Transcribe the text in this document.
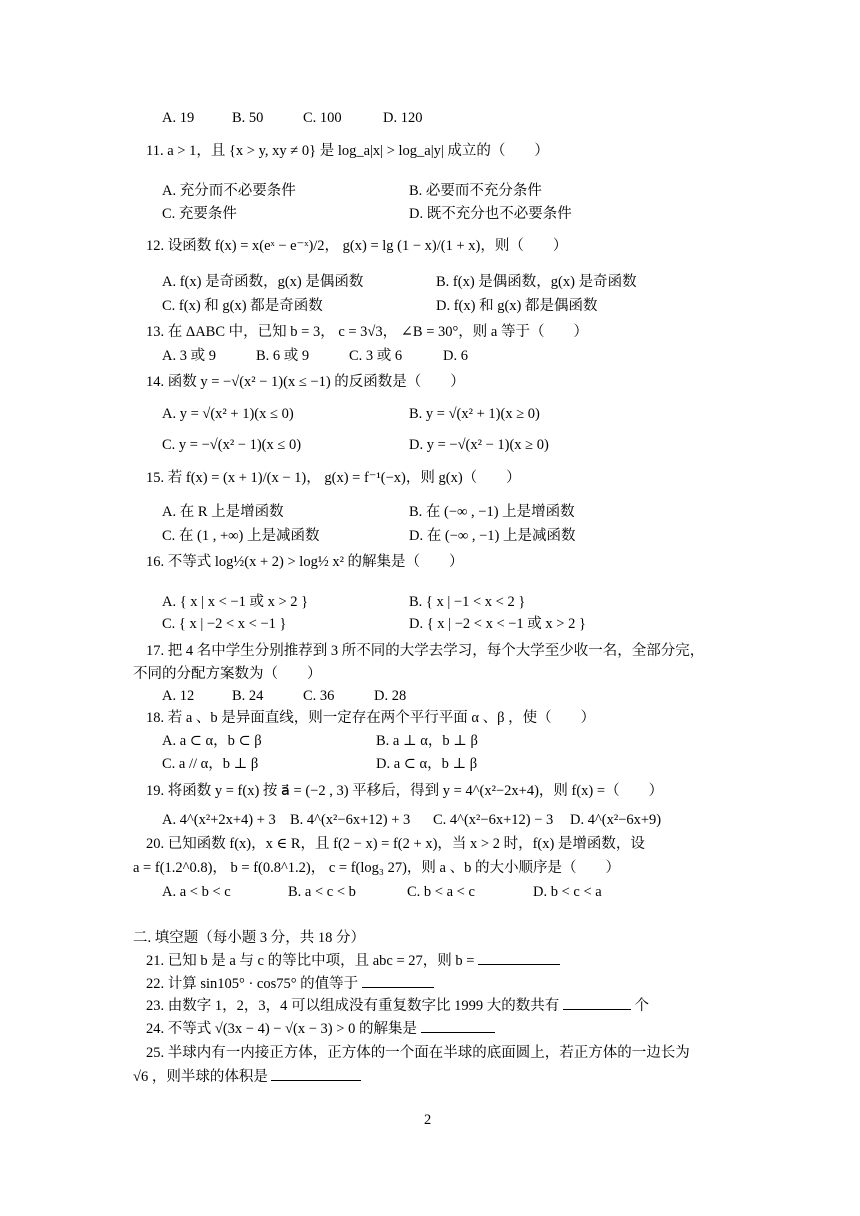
A. 19	B. 50	C. 100	D. 120
11. a > 1，且 {x > y, xy ≠ 0} 是 log_a|x| > log_a|y| 成立的（　　）
A. 充分而不必要条件	B. 必要而不充分条件
C. 充要条件	D. 既不充分也不必要条件
12. 设函数 f(x) = x(eˣ − e⁻ˣ)/2， g(x) = lg (1 − x)/(1 + x)，则（　　）
A. f(x) 是奇函数，g(x) 是偶函数	B. f(x) 是偶函数，g(x) 是奇函数
C. f(x) 和 g(x) 都是奇函数	D. f(x) 和 g(x) 都是偶函数
13. 在 ΔABC 中，已知 b = 3， c = 3√3， ∠B = 30°，则 a 等于（　　）
A. 3 或 9	B. 6 或 9	C. 3 或 6	D. 6
14. 函数 y = −√(x² − 1)(x ≤ −1) 的反函数是（　　）
A. y = √(x² + 1)(x ≤ 0)	B. y = √(x² + 1)(x ≥ 0)
C. y = −√(x² − 1)(x ≤ 0)	D. y = −√(x² − 1)(x ≥ 0)
15. 若 f(x) = (x + 1)/(x − 1)， g(x) = f⁻¹(−x)，则 g(x)（　　）
A. 在 R 上是增函数	B. 在 (−∞ , −1) 上是增函数
C. 在 (1 , +∞) 上是减函数	D. 在 (−∞ , −1) 上是减函数
16. 不等式 log½(x + 2) > log½ x² 的解集是（　　）
A. { x | x < −1 或 x > 2 }	B. { x | −1 < x < 2 }
C. { x | −2 < x < −1 }	D. { x | −2 < x < −1 或 x > 2 }
17. 把 4 名中学生分别推荐到 3 所不同的大学去学习，每个大学至少收一名，全部分完，
不同的分配方案数为（　　）
A. 12	B. 24	C. 36	D. 28
18. 若 a 、b 是异面直线，则一定存在两个平行平面 α 、β ，使（　　）
A. a ⊂ α，b ⊂ β	B. a ⊥ α，b ⊥ β
C. a // α，b ⊥ β	D. a ⊂ α，b ⊥ β
19. 将函数 y = f(x) 按 a⃗ = (−2 , 3) 平移后，得到 y = 4^(x²−2x+4)，则 f(x) =（　　）
A. 4^(x²+2x+4) + 3 B. 4^(x²−6x+12) + 3 C. 4^(x²−6x+12) − 3 D. 4^(x²−6x+9)
20. 已知函数 f(x)，x ∈ R，且 f(2 − x) = f(2 + x)，当 x > 2 时，f(x) 是增函数，设
a = f(1.2^0.8)， b = f(0.8^1.2)， c = f(log₃ 27)，则 a 、b 的大小顺序是（　　）
A. a < b < c	B. a < c < b	C. b < a < c	D. b < c < a
二. 填空题（每小题 3 分，共 18 分）
21. 已知 b 是 a 与 c 的等比中项，且 abc = 27，则 b =
22. 计算 sin105° · cos75° 的值等于
23. 由数字 1，2，3，4 可以组成没有重复数字比 1999 大的数共有	个
24. 不等式 √(3x − 4) − √(x − 3) > 0 的解集是
25. 半球内有一内接正方体，正方体的一个面在半球的底面圆上，若正方体的一边长为
√6 ，则半球的体积是
2
